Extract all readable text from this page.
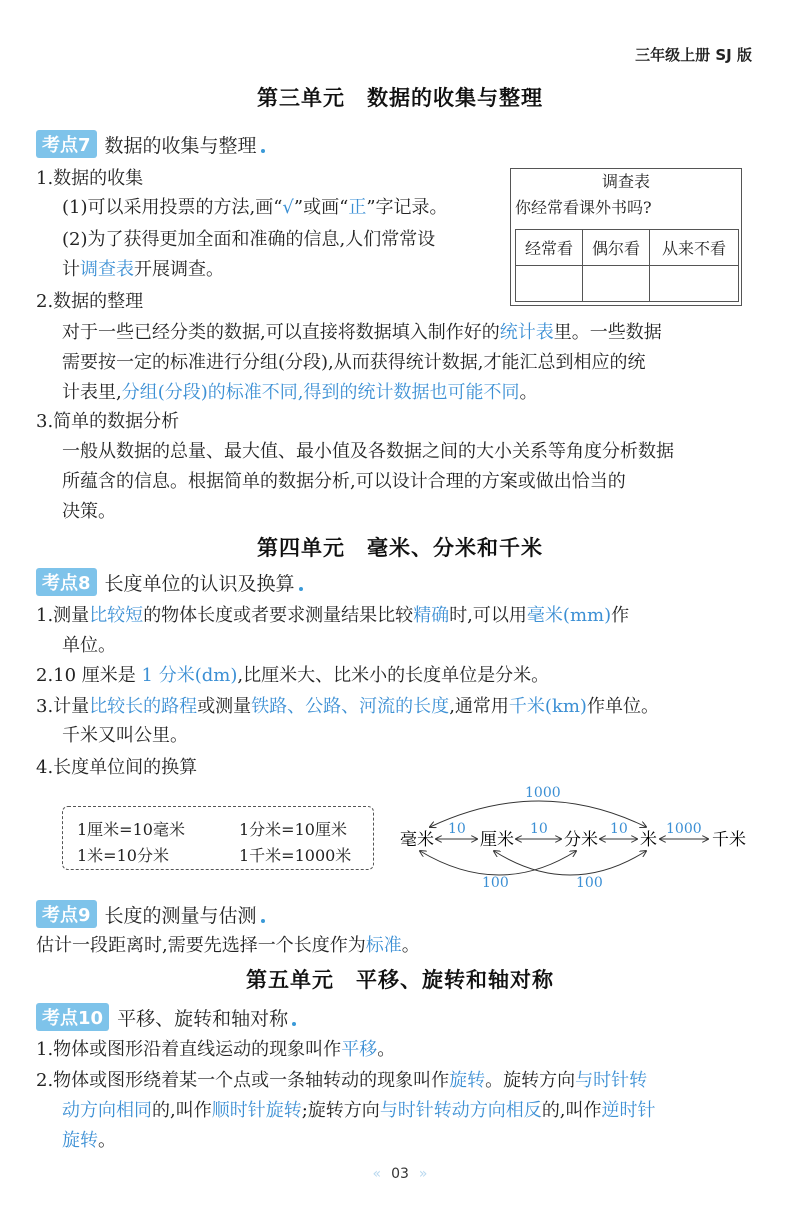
三年级上册 SJ 版
第三单元　数据的收集与整理
考点7 数据的收集与整理
1.数据的收集
(1)可以采用投票的方法,画“√”或画“正”字记录。
(2)为了获得更加全面和准确的信息,人们常常设
计调查表开展调查。
调查表
你经常看课外书吗?
经常看	偶尔看	从来不看

2.数据的整理
对于一些已经分类的数据,可以直接将数据填入制作好的统计表里。一些数据
需要按一定的标准进行分组(分段),从而获得统计数据,才能汇总到相应的统
计表里,分组(分段)的标准不同,得到的统计数据也可能不同。
3.简单的数据分析
一般从数据的总量、最大值、最小值及各数据之间的大小关系等角度分析数据
所蕴含的信息。根据简单的数据分析,可以设计合理的方案或做出恰当的
决策。
第四单元　毫米、分米和千米
考点8 长度单位的认识及换算
1.测量比较短的物体长度或者要求测量结果比较精确时,可以用毫米(mm)作
单位。
2.10 厘米是 1 分米(dm),比厘米大、比米小的长度单位是分米。
3.计量比较长的路程或测量铁路、公路、河流的长度,通常用千米(km)作单位。
千米又叫公里。
4.长度单位间的换算
1厘米=10毫米	1分米=10厘米
1米=10分米	1千米=1000米
毫米	厘米	分米 米	千米
10	10	10	1000
1000
100	100
考点9 长度的测量与估测
估计一段距离时,需要先选择一个长度作为标准。
第五单元　平移、旋转和轴对称
考点10 平移、旋转和轴对称
1.物体或图形沿着直线运动的现象叫作平移。
2.物体或图形绕着某一个点或一条轴转动的现象叫作旋转。旋转方向与时针转
动方向相同的,叫作顺时针旋转;旋转方向与时针转动方向相反的,叫作逆时针
旋转。
« 03 »
